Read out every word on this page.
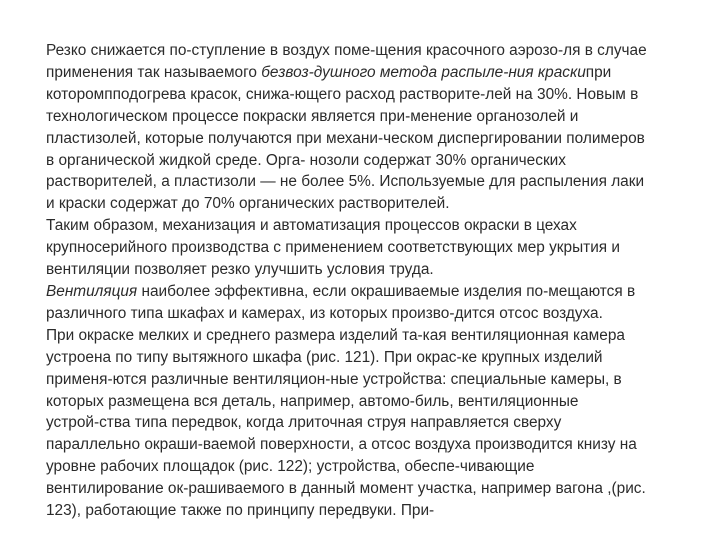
Резко снижается по-ступление в воздух поме-щения красочного аэрозо-ля в случае
применения так называемого безвоз-душного метода распыле-ния краскипри
которомпподогрева красок, снижа-ющего расход растворите-лей на 30%. Новым в
технологическом процессе покраски является при-менение органозолей и
пластизолей, которые получаются при механи-ческом диспергировании полимеров
в органической жидкой среде. Орга- нозоли содержат 30% органических
растворителей, а пластизоли — не более 5%. Используемые для распыления лаки
и краски содержат до 70% органических растворителей.
Таким образом, механизация и автоматизация процессов окраски в цехах
крупносерийного производства с применением соответствующих мер укрытия и
вентиляции позволяет резко улучшить условия труда.
Вентиляция наиболее эффективна, если окрашиваемые изделия по-мещаются в
различного типа шкафах и камерах, из которых произво-дится отсос воздуха.
При окраске мелких и среднего размера изделий та-кая вентиляционная камера
устроена по типу вытяжного шкафа (рис. 121). При окрас-ке крупных изделий
применя-ются различные вентиляцион-ные устройства: специальные камеры, в
которых размещена вся деталь, например, автомо-биль, вентиляционные
устрой-ства типа передвок, когда лриточная струя направляется сверху
параллельно окраши-ваемой поверхности, а отсос воздуха производится книзу на
уровне рабочих площадок (рис. 122); устройства, обеспе-чивающие
вентилирование ок-рашиваемого в данный момент участка, например вагона ,(рис.
123), работающие также по принципу передвуки. При-
